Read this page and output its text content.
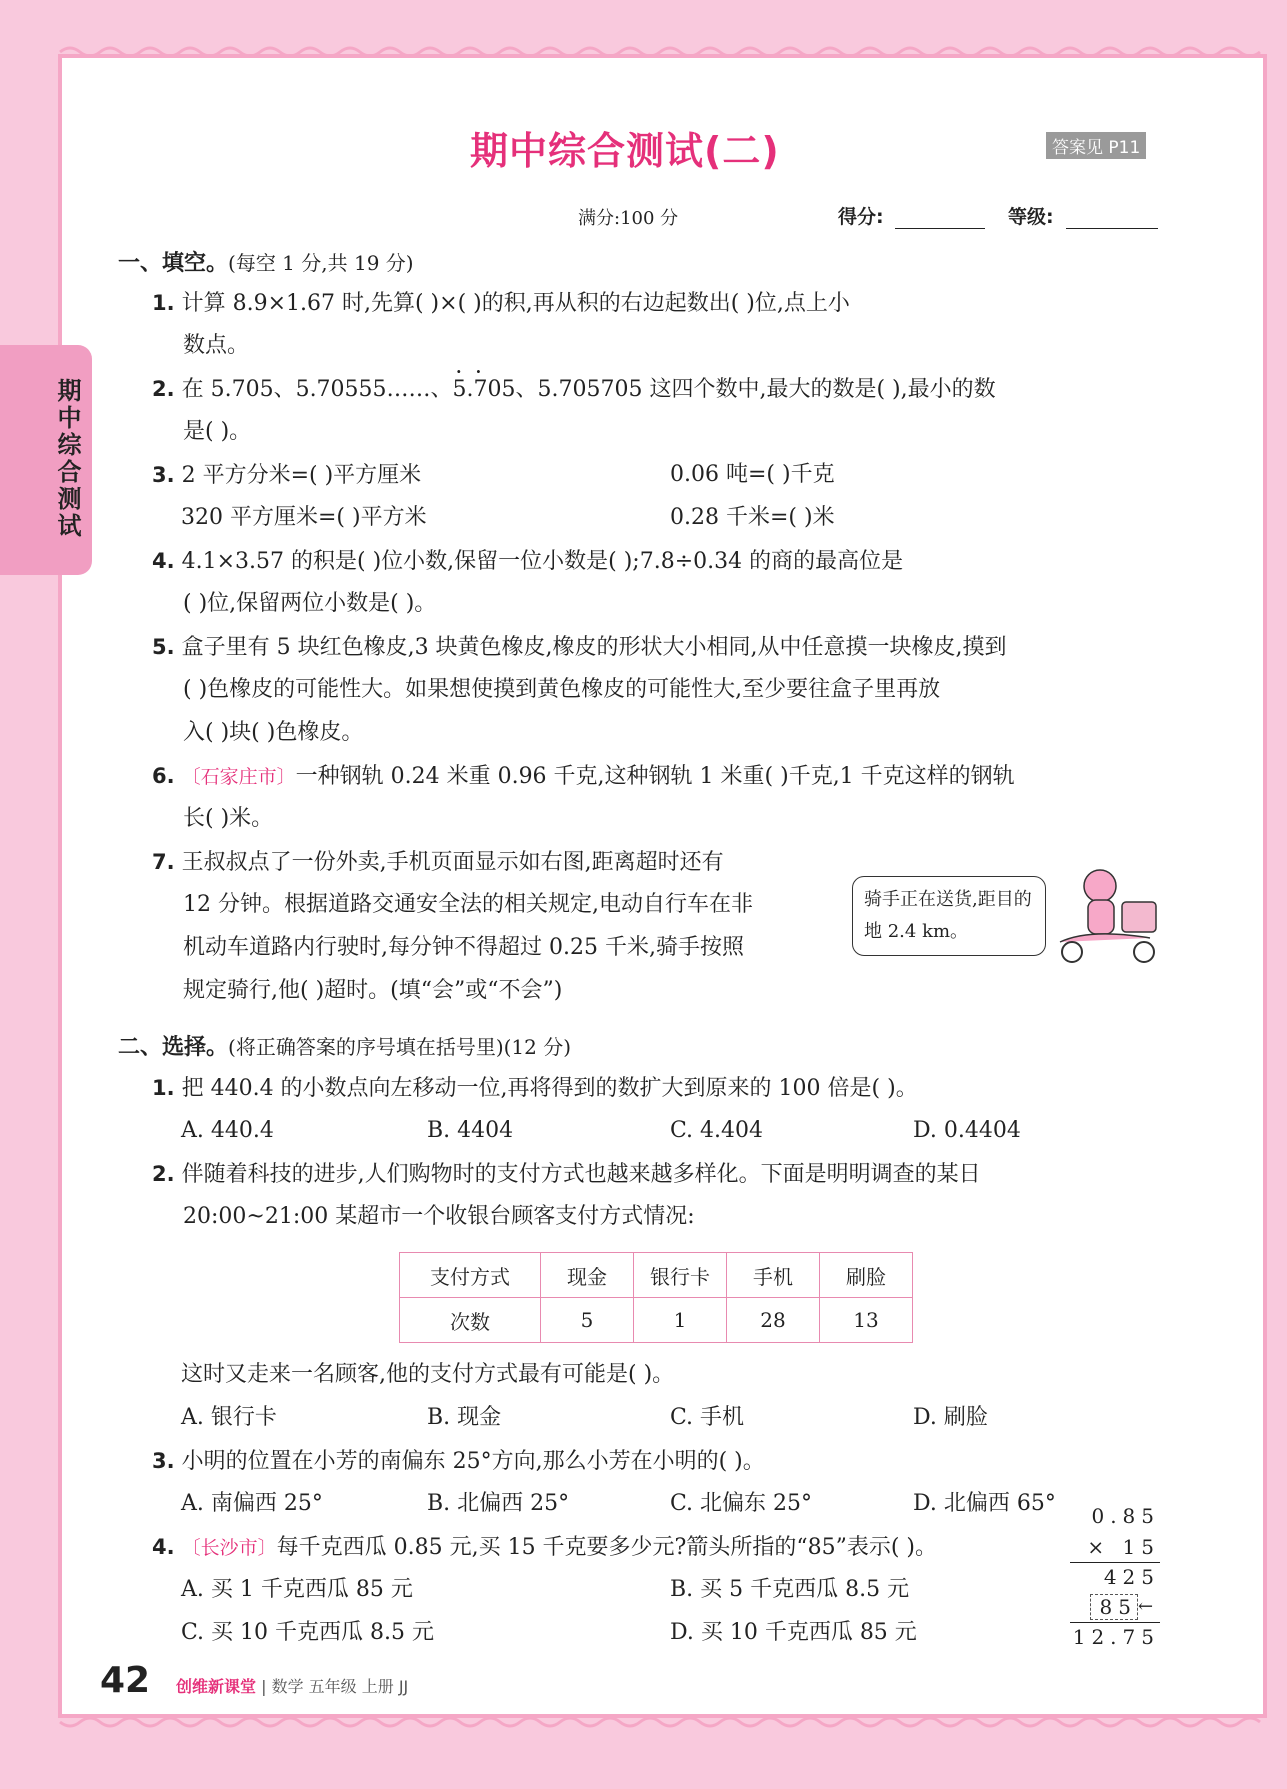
期中综合测试
期中综合测试(二)	答案见 P11
满分:100 分	得分:	等级:
一、填空。(每空 1 分,共 19 分)
1. 计算 8.9×1.67 时,先算( )×( )的积,再从积的右边起数出( )位,点上小
数点。
2. 在 5.705、5.70555……、5.705、5.705705 这四个数中,最大的数是( ),最小的数
··
是( )。
3. 2 平方分米=( )平方厘米	0.06 吨=( )千克
320 平方厘米=( )平方米	0.28 千米=( )米
4. 4.1×3.57 的积是( )位小数,保留一位小数是( );7.8÷0.34 的商的最高位是
( )位,保留两位小数是( )。
5. 盒子里有 5 块红色橡皮,3 块黄色橡皮,橡皮的形状大小相同,从中任意摸一块橡皮,摸到
( )色橡皮的可能性大。如果想使摸到黄色橡皮的可能性大,至少要往盒子里再放
入( )块( )色橡皮。
6. 〔石家庄市〕一种钢轨 0.24 米重 0.96 千克,这种钢轨 1 米重( )千克,1 千克这样的钢轨
长( )米。
7. 王叔叔点了一份外卖,手机页面显示如右图,距离超时还有
12 分钟。根据道路交通安全法的相关规定,电动自行车在非
机动车道路内行驶时,每分钟不得超过 0.25 千米,骑手按照
规定骑行,他( )超时。(填“会”或“不会”)
骑手正在送货,距目的地 2.4 km。
二、选择。(将正确答案的序号填在括号里)(12 分)
1. 把 440.4 的小数点向左移动一位,再将得到的数扩大到原来的 100 倍是( )。
A. 440.4	B. 4404	C. 4.404	D. 0.4404
2. 伴随着科技的进步,人们购物时的支付方式也越来越多样化。下面是明明调查的某日
20:00~21:00 某超市一个收银台顾客支付方式情况:
支付方式	现金	银行卡	手机	刷脸
次数	5	1	28	13
这时又走来一名顾客,他的支付方式最有可能是( )。
A. 银行卡	B. 现金	C. 手机	D. 刷脸
3. 小明的位置在小芳的南偏东 25°方向,那么小芳在小明的( )。
A. 南偏西 25°	B. 北偏西 25°	C. 北偏东 25°	D. 北偏西 65°
4. 〔长沙市〕每千克西瓜 0.85 元,买 15 千克要多少元?箭头所指的“85”表示( )。
A. 买 1 千克西瓜 85 元	B. 买 5 千克西瓜 8.5 元
C. 买 10 千克西瓜 8.5 元	D. 买 10 千克西瓜 85 元
0.85
× 15
425
85 ←
12.75
42 创维新课堂 | 数学 五年级 上册 JJ
